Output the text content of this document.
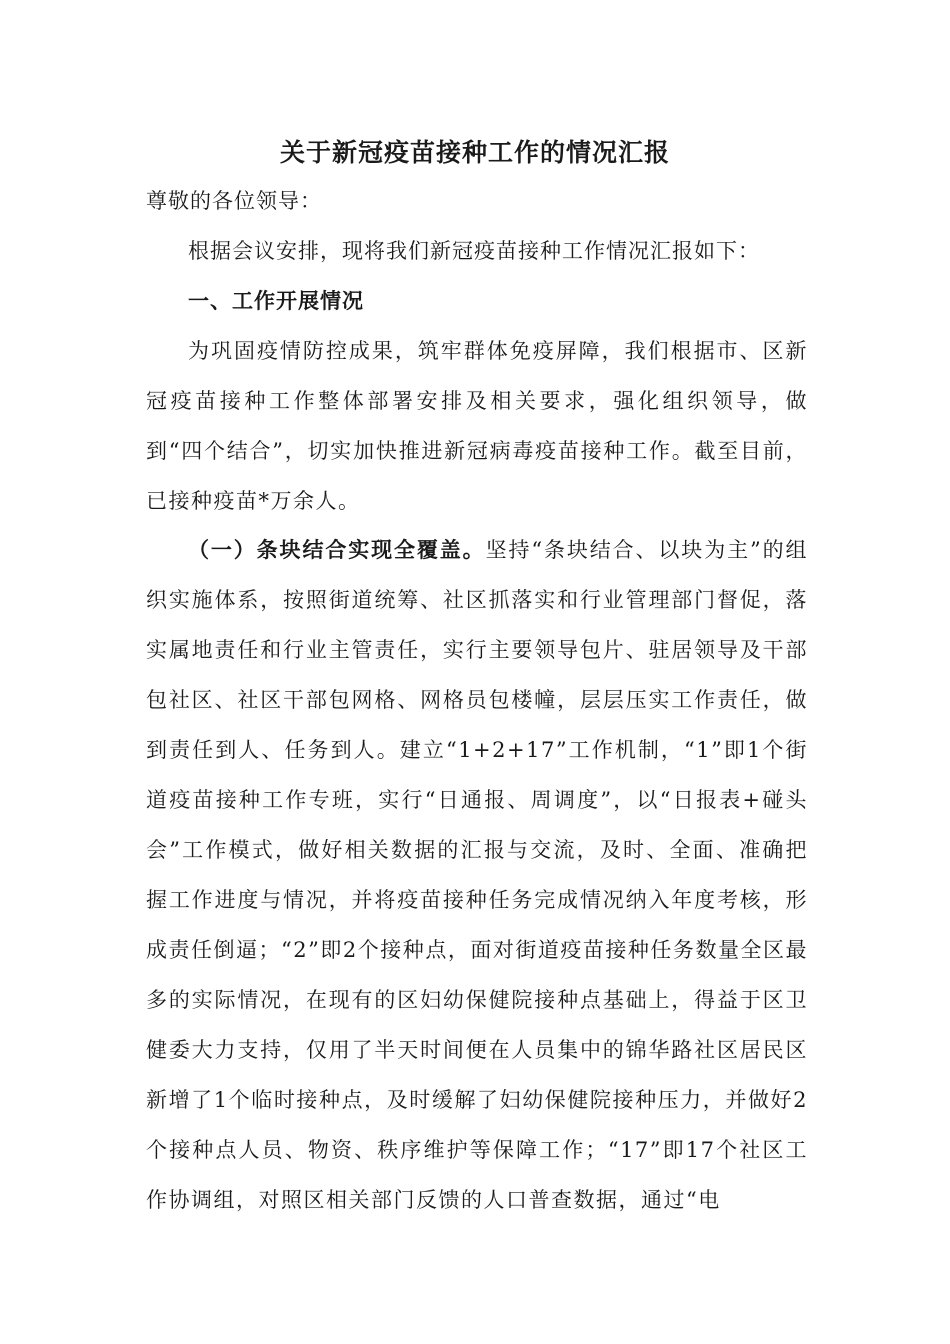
关于新冠疫苗接种工作的情况汇报

尊敬的各位领导：

根据会议安排，现将我们新冠疫苗接种工作情况汇报如下：

一、工作开展情况

为巩固疫情防控成果，筑牢群体免疫屏障，我们根据市、区新冠疫苗接种工作整体部署安排及相关要求，强化组织领导，做到“四个结合”，切实加快推进新冠病毒疫苗接种工作。截至目前，已接种疫苗*万余人。

（一）条块结合实现全覆盖。坚持“条块结合、以块为主”的组织实施体系，按照街道统筹、社区抓落实和行业管理部门督促，落实属地责任和行业主管责任，实行主要领导包片、驻居领导及干部包社区、社区干部包网格、网格员包楼幢，层层压实工作责任，做到责任到人、任务到人。建立“1+2+17”工作机制，“1”即1个街道疫苗接种工作专班，实行“日通报、周调度”，以“日报表+碰头会”工作模式，做好相关数据的汇报与交流，及时、全面、准确把握工作进度与情况，并将疫苗接种任务完成情况纳入年度考核，形成责任倒逼；“2”即2个接种点，面对街道疫苗接种任务数量全区最多的实际情况，在现有的区妇幼保健院接种点基础上，得益于区卫健委大力支持，仅用了半天时间便在人员集中的锦华路社区居民区新增了1个临时接种点，及时缓解了妇幼保健院接种压力，并做好2个接种点人员、物资、秩序维护等保障工作；“17”即17个社区工作协调组，对照区相关部门反馈的人口普查数据，通过“电
